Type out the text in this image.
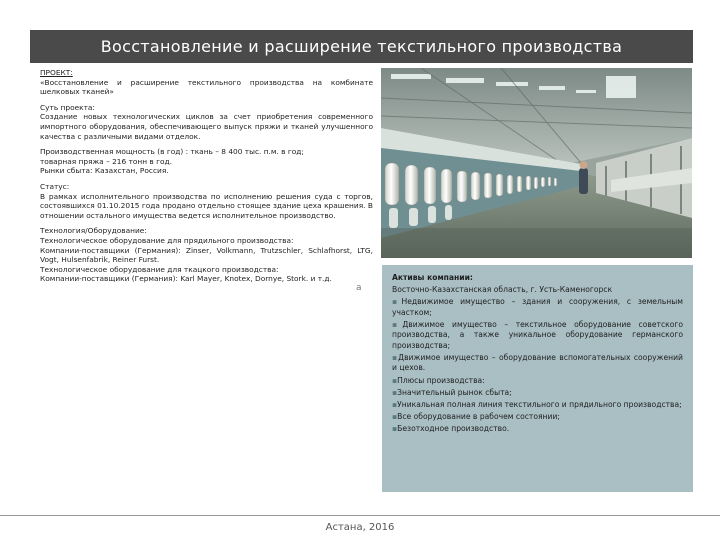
Восстановление и расширение текстильного производства

ПРОЕКТ:

«Восстановление и расширение текстильного производства на комбинате шелковых тканей»

Суть проекта:

Создание новых технологических циклов за счет приобретения современного импортного оборудования, обеспечивающего выпуск пряжи и тканей улучшенного качества с различными видами отделок.

Производственная мощность (в год) : ткань – 8 400 тыс. п.м. в год;

товарная пряжа – 216 тонн в год.

Рынки сбыта: Казахстан, Россия.

Статус:

В рамках исполнительного производства по исполнению решения суда с торгов, состоявшихся 01.10.2015 года продано отдельно стоящее здание цеха крашения. В отношении остального имущества ведется исполнительное производство.

Технология/Оборудование:

Технологическое оборудование для прядильного производства:

Компании-поставщики (Германия): Zinser, Volkmann, Trutzschler, Schlafhorst, LTG, Vogt, Hulsenfabrik, Reiner Furst.

Технологическое оборудование для ткацкого производства:

Компании-поставщики (Германия): Karl Mayer, Knotex, Dornye, Stork. и т.д.

a

Активы компании:

Восточно-Казахстанская область, г. Усть-Каменогорск

▪Недвижимое имущество – здания и сооружения, с земельным участком;

▪Движимое имущество – текстильное оборудование советского производства, а также уникальное оборудование германского производства;

▪Движимое имущество – оборудование вспомогательных сооружений и цехов.

▪Плюсы производства:

▪Значительный рынок сбыта;

▪Уникальная полная линия текстильного и прядильного производства;

▪Все оборудование в рабочем состоянии;

▪Безотходное производство.

Астана, 2016
